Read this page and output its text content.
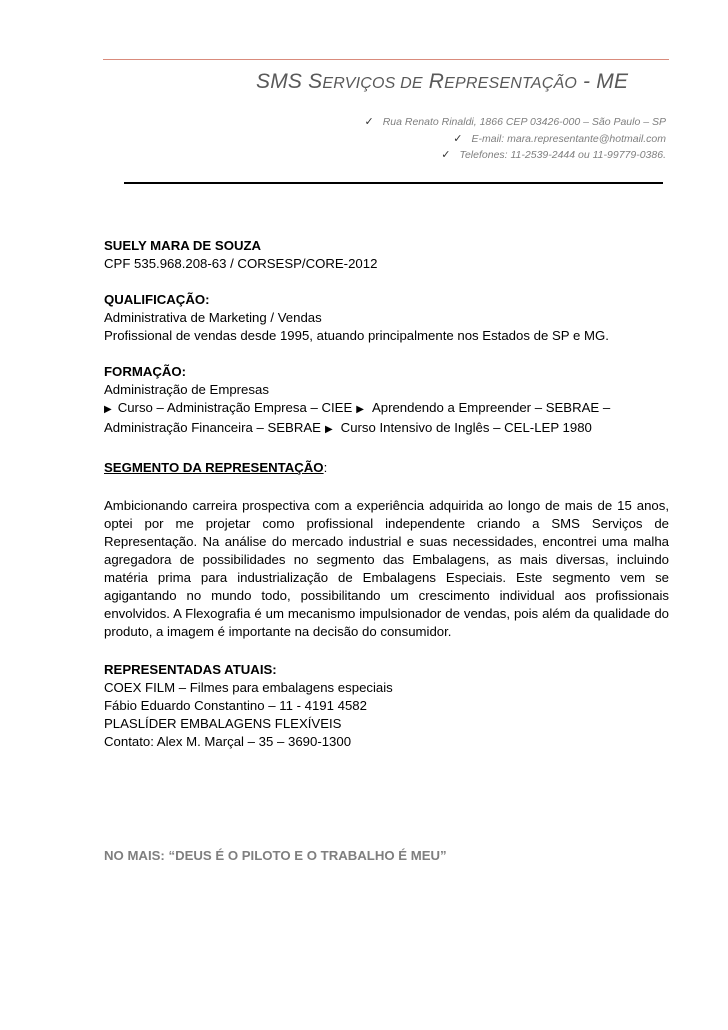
SMS SERVIÇOS DE REPRESENTAÇÃO - ME
✓ Rua Renato Rinaldi, 1866 CEP 03426-000 – São Paulo – SP
✓ E-mail: mara.representante@hotmail.com
✓ Telefones: 11-2539-2444 ou 11-99779-0386.

SUELY MARA DE SOUZA

CPF 535.968.208-63 / CORSESP/CORE-2012

QUALIFICAÇÃO:

Administrativa de Marketing / Vendas

Profissional de vendas desde 1995, atuando principalmente nos Estados de SP e MG.

FORMAÇÃO:

Administração de Empresas

▶ Curso – Administração Empresa – CIEE ▶ Aprendendo a Empreender – SEBRAE –

Administração Financeira – SEBRAE ▶ Curso Intensivo de Inglês – CEL-LEP 1980

SEGMENTO DA REPRESENTAÇÃO:

Ambicionando carreira prospectiva com a experiência adquirida ao longo de mais de 15 anos, optei por me projetar como profissional independente criando a SMS Serviços de Representação. Na análise do mercado industrial e suas necessidades, encontrei uma malha agregadora de possibilidades no segmento das Embalagens, as mais diversas, incluindo matéria prima para industrialização de Embalagens Especiais. Este segmento vem se agigantando no mundo todo, possibilitando um crescimento individual aos profissionais envolvidos. A Flexografia é um mecanismo impulsionador de vendas, pois além da qualidade do produto, a imagem é importante na decisão do consumidor.

REPRESENTADAS ATUAIS:

COEX FILM – Filmes para embalagens especiais

Fábio Eduardo Constantino – 11 - 4191 4582

PLASLÍDER EMBALAGENS FLEXÍVEIS

Contato: Alex M. Marçal – 35 – 3690-1300

NO MAIS: “DEUS É O PILOTO E O TRABALHO É MEU”
